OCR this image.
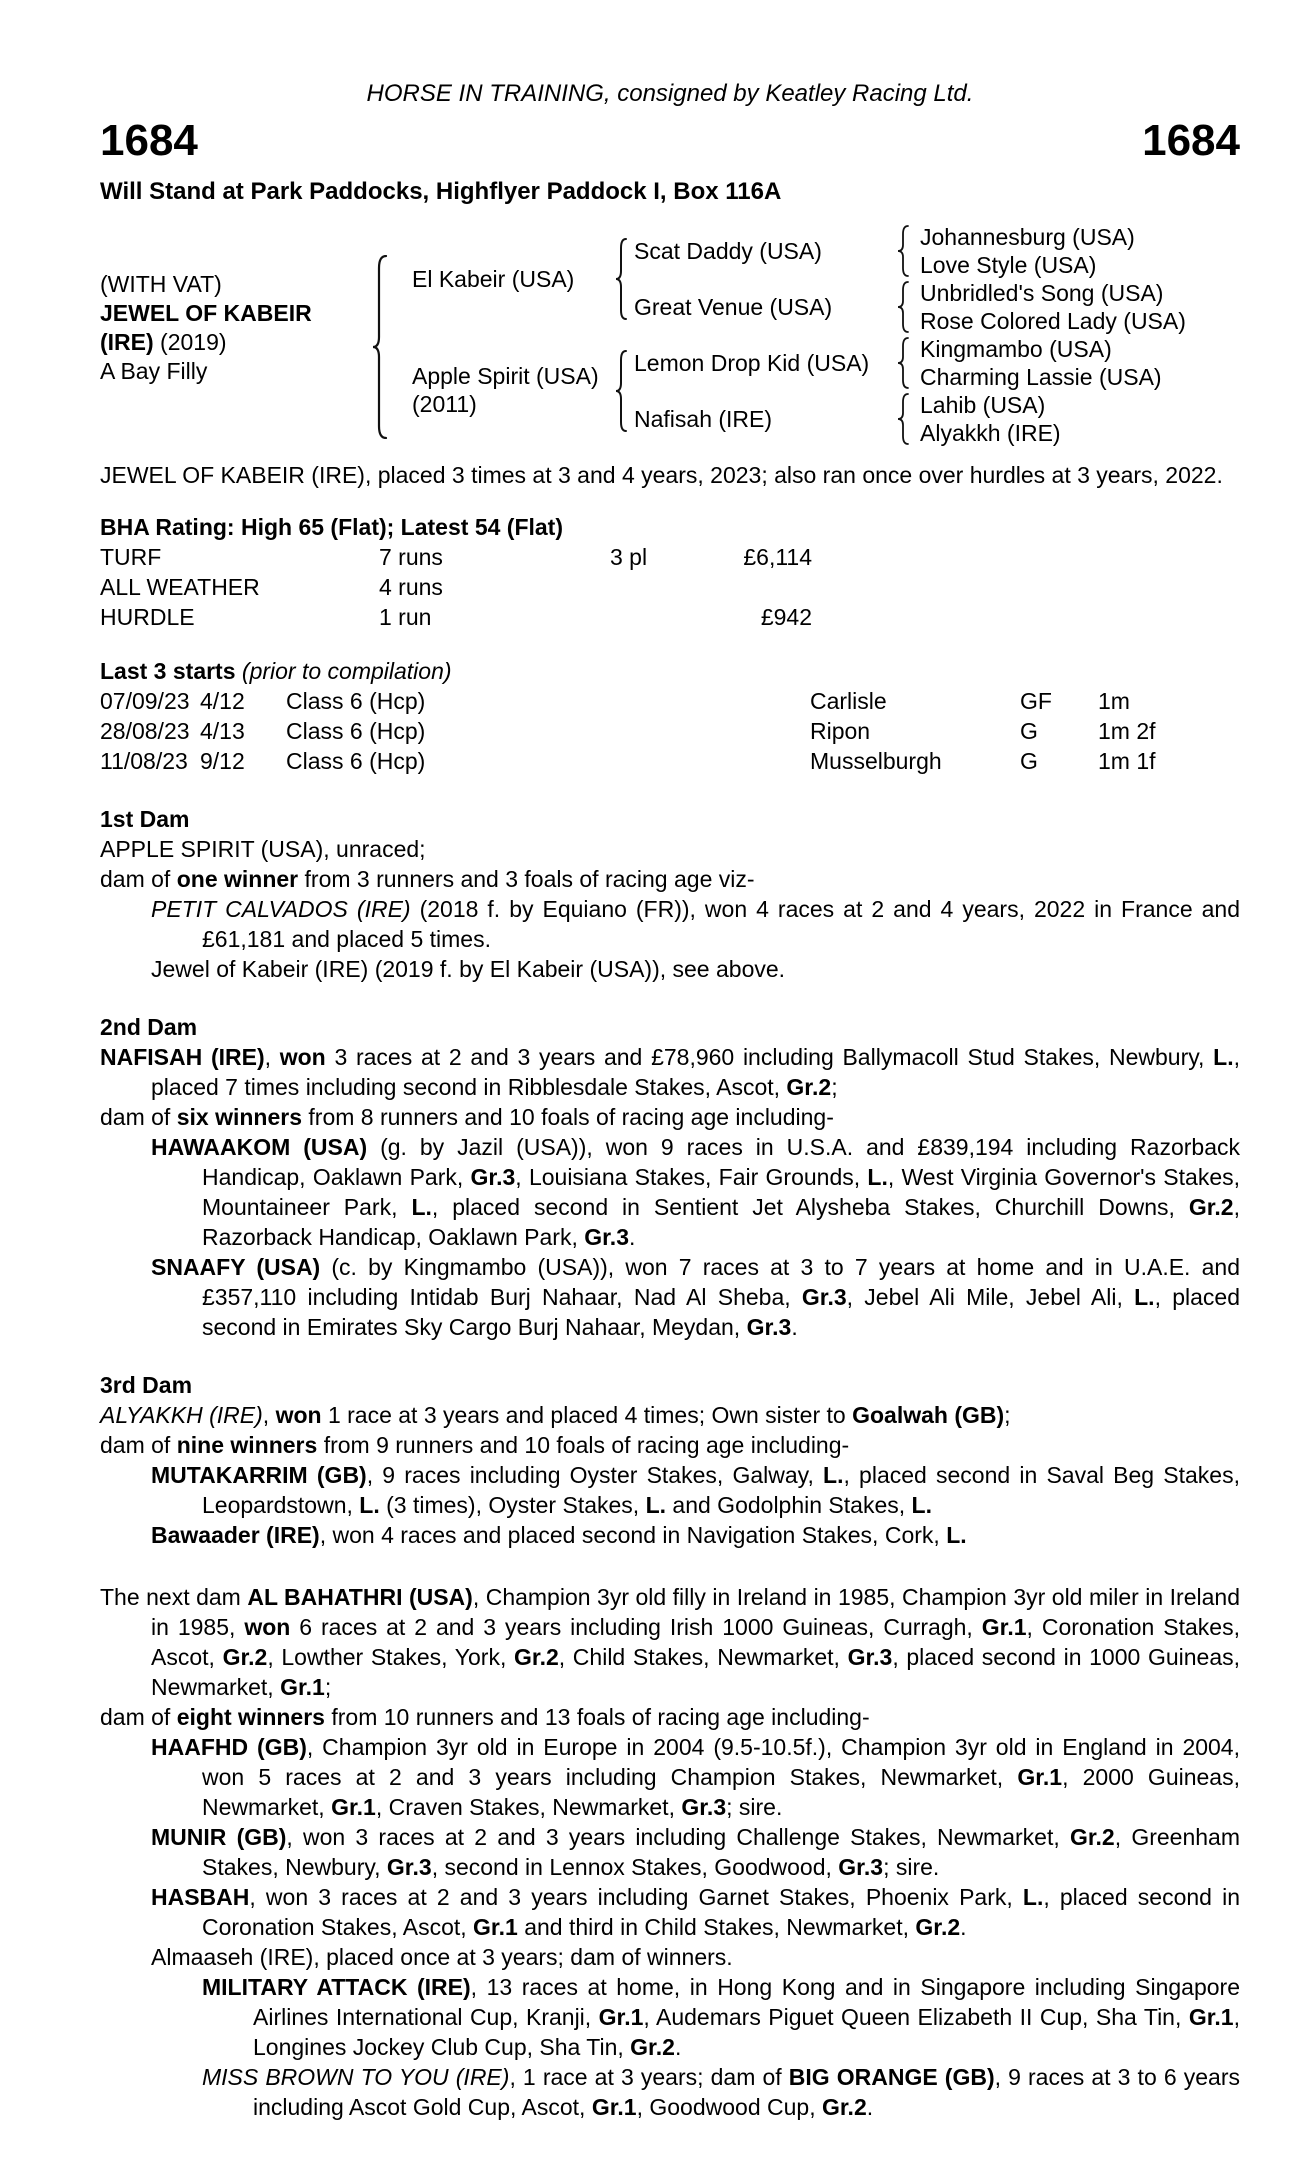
HORSE IN TRAINING, consigned by Keatley Racing Ltd.
1684	1684
Will Stand at Park Paddocks, Highflyer Paddock I, Box 116A
(WITH VAT)
JEWEL OF KABEIR
(IRE) (2019)
A Bay Filly
El Kabeir (USA)
Apple Spirit (USA)
(2011)
Scat Daddy (USA)
Great Venue (USA)
Lemon Drop Kid (USA)
Nafisah (IRE)
Johannesburg (USA)
Love Style (USA)
Unbridled's Song (USA)
Rose Colored Lady (USA)
Kingmambo (USA)
Charming Lassie (USA)
Lahib (USA)
Alyakkh (IRE)
JEWEL OF KABEIR (IRE), placed 3 times at 3 and 4 years, 2023; also ran once over hurdles at 3 years, 2022.
BHA Rating: High 65 (Flat); Latest 54 (Flat)
TURF	7 runs	3 pl	£6,114
ALL WEATHER	4 runs
HURDLE	1 run	£942
Last 3 starts (prior to compilation)
07/09/23 4/12	Class 6 (Hcp)	Carlisle	GF	1m
28/08/23 4/13	Class 6 (Hcp)	Ripon	G	1m 2f
11/08/23 9/12	Class 6 (Hcp)	Musselburgh	G	1m 1f
1st Dam
APPLE SPIRIT (USA), unraced;
dam of one winner from 3 runners and 3 foals of racing age viz-
PETIT CALVADOS (IRE) (2018 f. by Equiano (FR)), won 4 races at 2 and 4 years, 2022 in France and £61,181 and placed 5 times.
Jewel of Kabeir (IRE) (2019 f. by El Kabeir (USA)), see above.
2nd Dam
NAFISAH (IRE), won 3 races at 2 and 3 years and £78,960 including Ballymacoll Stud Stakes, Newbury, L., placed 7 times including second in Ribblesdale Stakes, Ascot, Gr.2;
dam of six winners from 8 runners and 10 foals of racing age including-
HAWAAKOM (USA) (g. by Jazil (USA)), won 9 races in U.S.A. and £839,194 including Razorback Handicap, Oaklawn Park, Gr.3, Louisiana Stakes, Fair Grounds, L., West Virginia Governor's Stakes, Mountaineer Park, L., placed second in Sentient Jet Alysheba Stakes, Churchill Downs, Gr.2, Razorback Handicap, Oaklawn Park, Gr.3.
SNAAFY (USA) (c. by Kingmambo (USA)), won 7 races at 3 to 7 years at home and in U.A.E. and £357,110 including Intidab Burj Nahaar, Nad Al Sheba, Gr.3, Jebel Ali Mile, Jebel Ali, L., placed second in Emirates Sky Cargo Burj Nahaar, Meydan, Gr.3.
3rd Dam
ALYAKKH (IRE), won 1 race at 3 years and placed 4 times; Own sister to Goalwah (GB);
dam of nine winners from 9 runners and 10 foals of racing age including-
MUTAKARRIM (GB), 9 races including Oyster Stakes, Galway, L., placed second in Saval Beg Stakes, Leopardstown, L. (3 times), Oyster Stakes, L. and Godolphin Stakes, L.
Bawaader (IRE), won 4 races and placed second in Navigation Stakes, Cork, L.
The next dam AL BAHATHRI (USA), Champion 3yr old filly in Ireland in 1985, Champion 3yr old miler in Ireland in 1985, won 6 races at 2 and 3 years including Irish 1000 Guineas, Curragh, Gr.1, Coronation Stakes, Ascot, Gr.2, Lowther Stakes, York, Gr.2, Child Stakes, Newmarket, Gr.3, placed second in 1000 Guineas, Newmarket, Gr.1;
dam of eight winners from 10 runners and 13 foals of racing age including-
HAAFHD (GB), Champion 3yr old in Europe in 2004 (9.5-10.5f.), Champion 3yr old in England in 2004, won 5 races at 2 and 3 years including Champion Stakes, Newmarket, Gr.1, 2000 Guineas, Newmarket, Gr.1, Craven Stakes, Newmarket, Gr.3; sire.
MUNIR (GB), won 3 races at 2 and 3 years including Challenge Stakes, Newmarket, Gr.2, Greenham Stakes, Newbury, Gr.3, second in Lennox Stakes, Goodwood, Gr.3; sire.
HASBAH, won 3 races at 2 and 3 years including Garnet Stakes, Phoenix Park, L., placed second in Coronation Stakes, Ascot, Gr.1 and third in Child Stakes, Newmarket, Gr.2.
Almaaseh (IRE), placed once at 3 years; dam of winners.
MILITARY ATTACK (IRE), 13 races at home, in Hong Kong and in Singapore including Singapore Airlines International Cup, Kranji, Gr.1, Audemars Piguet Queen Elizabeth II Cup, Sha Tin, Gr.1, Longines Jockey Club Cup, Sha Tin, Gr.2.
MISS BROWN TO YOU (IRE), 1 race at 3 years; dam of BIG ORANGE (GB), 9 races at 3 to 6 years including Ascot Gold Cup, Ascot, Gr.1, Goodwood Cup, Gr.2.
